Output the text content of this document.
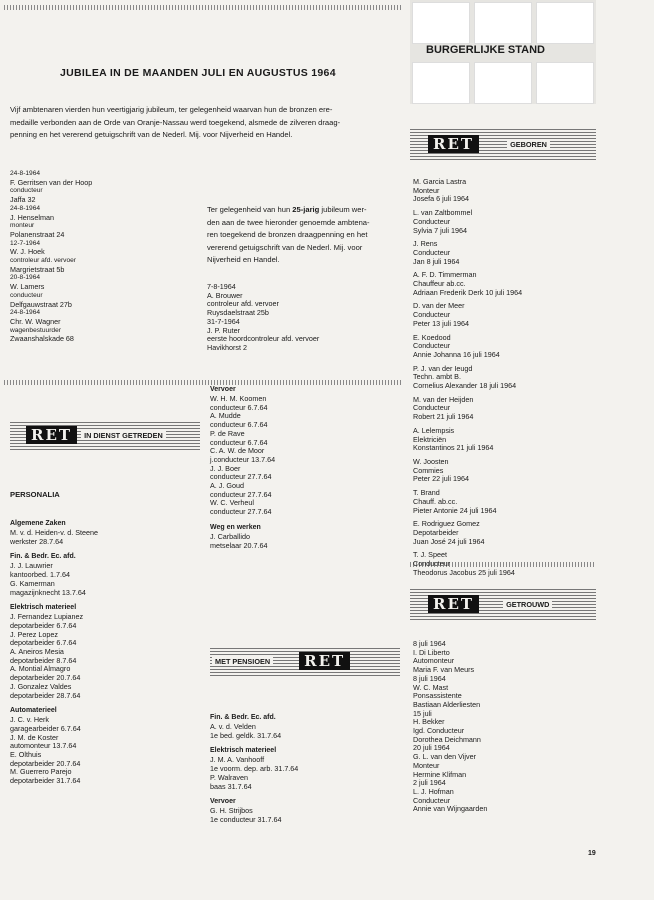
BURGERLIJKE STAND
JUBILEA IN DE MAANDEN JULI EN AUGUSTUS 1964
Vijf ambtenaren vierden hun veertigjarig jubileum, ter gelegenheid waarvan hun de bronzen ere-
medaille verbonden aan de Orde van Oranje-Nassau werd toegekend, alsmede de zilveren draag-
penning en het vererend getuigschrift van de Nederl. Mij. voor Nijverheid en Handel.
24-8-1964
F. Gerritsen van der Hoop
conducteur
Jaffa 32
24-8-1964
J. Henselman
monteur
Polanenstraat 24
12-7-1964
W. J. Hoek
controleur afd. vervoer
Margrietstraat 5b
20-8-1964
W. Lamers
conducteur
Delfgauwstraat 27b
24-8-1964
Chr. W. Wagner
wagenbestuurder
Zwaanshalskade 68
Ter gelegenheid van hun 25-jarig jubileum wer-
den aan de twee hieronder genoemde ambtena-
ren toegekend de bronzen draagpenning en het
vererend getuigschrift van de Nederl. Mij. voor
Nijverheid en Handel.
7-8-1964
A. Brouwer
controleur afd. vervoer
Ruysdaelstraat 25b
31-7-1964
J. P. Ruter
eerste hoordcontroleur afd. vervoer
Havikhorst 2
RET	IN DIENST GETREDEN
PERSONALIA
Algemene Zaken
M. v. d. Heiden-v. d. Steene
werkster 28.7.64
Fin. & Bedr. Ec. afd.
J. J. Lauwrier
kantoorbed. 1.7.64
G. Kamerman
magazijnknecht 13.7.64
Elektrisch materieel
J. Fernandez Lupianez
depotarbeider 6.7.64
J. Perez Lopez
depotarbeider 6.7.64
A. Aneiros Mesia
depotarbeider 8.7.64
A. Montial Almagro
depotarbeider 20.7.64
J. Gonzalez Valdes
depotarbeider 28.7.64
Automaterieel
J. C. v. Herk
garagearbeider 6.7.64
J. M. de Koster
automonteur 13.7.64
E. Olthuis
depotarbeider 20.7.64
M. Guerrero Parejo
depotarbeider 31.7.64
Vervoer
W. H. M. Koomen
conducteur 6.7.64
A. Mudde
conducteur 6.7.64
P. de Rave
conducteur 6.7.64
C. A. W. de Moor
j.conducteur 13.7.64
J. J. Boer
conducteur 27.7.64
A. J. Goud
conducteur 27.7.64
W. C. Verheul
conducteur 27.7.64
Weg en werken
J. Carballido
metselaar 20.7.64
MET PENSIOEN	RET
Fin. & Bedr. Ec. afd.
A. v. d. Velden
1e bed. geldk. 31.7.64
Elektrisch materieel
J. M. A. Vanhooff
1e voorm. dep. arb. 31.7.64
P. Walraven
baas 31.7.64
Vervoer
G. H. Strijbos
1e conducteur 31.7.64
RET	GEBOREN
M. Garcia Lastra
Monteur
Josefa 6 juli 1964
L. van Zaltbommel
Conducteur
Sylvia 7 juli 1964
J. Rens
Conducteur
Jan 8 juli 1964
A. F. D. Timmerman
Chauffeur ab.cc.
Adriaan Frederik Derk 10 juli 1964
D. van der Meer
Conducteur
Peter 13 juli 1964
E. Koedood
Conducteur
Annie Johanna 16 juli 1964
P. J. van der Ieugd
Techn. ambt B.
Cornelius Alexander 18 juli 1964
M. van der Heijden
Conducteur
Robert 21 juli 1964
A. Lelempsis
Elektriciën
Konstantinos 21 juli 1964
W. Joosten
Commies
Peter 22 juli 1964
T. Brand
Chauff. ab.cc.
Pieter Antonie 24 juli 1964
E. Rodriguez Gomez
Depotarbeider
Juan José 24 juli 1964
T. J. Speet
Conducteur
Theodorus Jacobus 25 juli 1964
RET	GETROUWD
8 juli 1964
I. Di Liberto
Automonteur
Maria F. van Meurs
8 juli 1964
W. C. Mast
Ponsassistente
Bastiaan Alderliesten
15 juli
H. Bekker
Igd. Conducteur
Dorothea Deichmann
20 juli 1964
G. L. van den Vijver
Monteur
Hermine Klifman
2 juli 1964
L. J. Hofman
Conducteur
Annie van Wijngaarden
19
